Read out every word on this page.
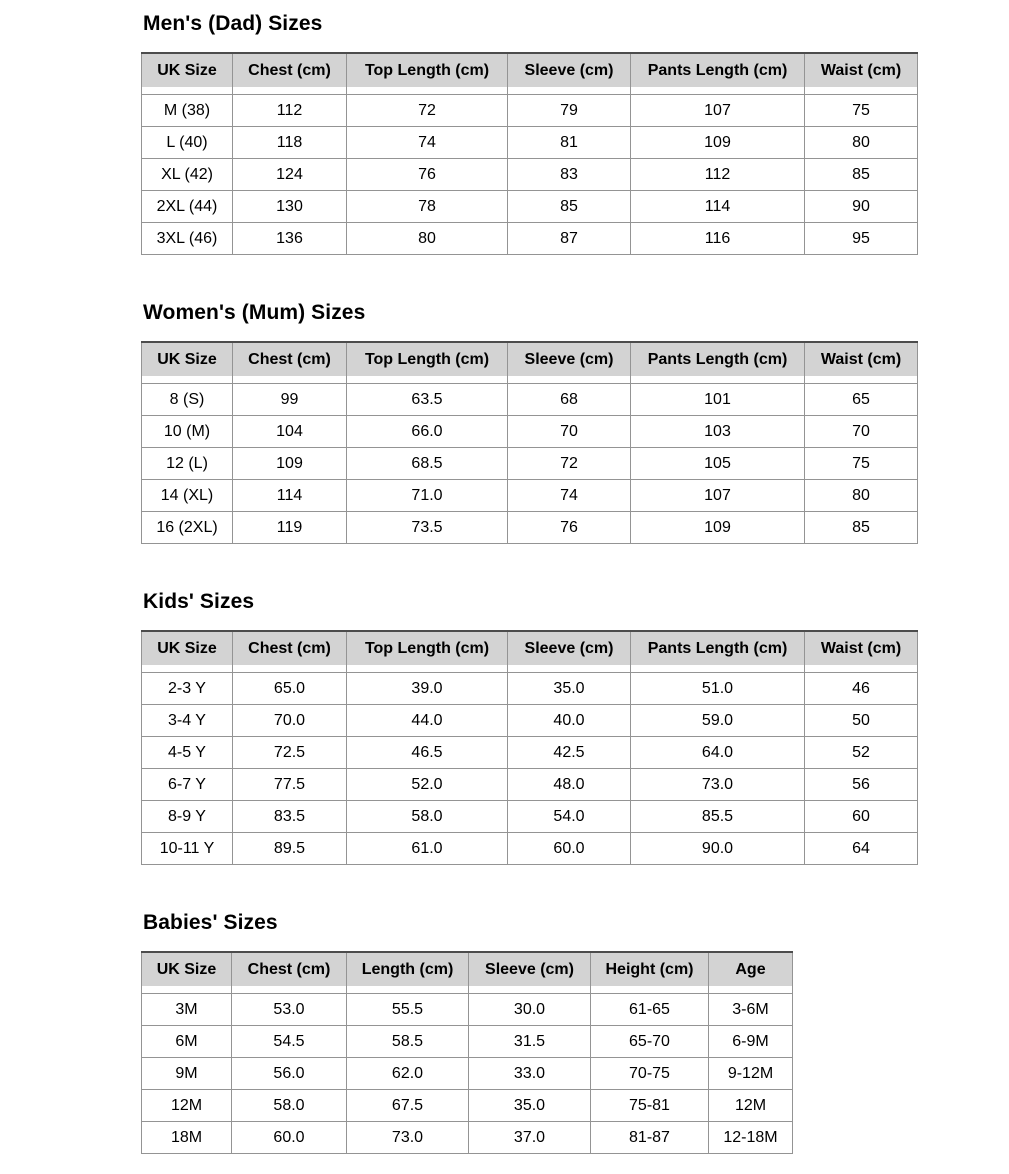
Men's (Dad) Sizes
UK Size	Chest (cm)	Top Length (cm)	Sleeve (cm)	Pants Length (cm)	Waist (cm)
M (38)	112	72	79	107	75
L (40)	118	74	81	109	80
XL (42)	124	76	83	112	85
2XL (44)	130	78	85	114	90
3XL (46)	136	80	87	116	95
Women's (Mum) Sizes
UK Size	Chest (cm)	Top Length (cm)	Sleeve (cm)	Pants Length (cm)	Waist (cm)
8 (S)	99	63.5	68	101	65
10 (M)	104	66.0	70	103	70
12 (L)	109	68.5	72	105	75
14 (XL)	114	71.0	74	107	80
16 (2XL)	119	73.5	76	109	85
Kids' Sizes
UK Size	Chest (cm)	Top Length (cm)	Sleeve (cm)	Pants Length (cm)	Waist (cm)
2-3 Y	65.0	39.0	35.0	51.0	46
3-4 Y	70.0	44.0	40.0	59.0	50
4-5 Y	72.5	46.5	42.5	64.0	52
6-7 Y	77.5	52.0	48.0	73.0	56
8-9 Y	83.5	58.0	54.0	85.5	60
10-11 Y	89.5	61.0	60.0	90.0	64
Babies' Sizes
UK Size	Chest (cm)	Length (cm)	Sleeve (cm)	Height (cm)	Age
3M	53.0	55.5	30.0	61-65	3-6M
6M	54.5	58.5	31.5	65-70	6-9M
9M	56.0	62.0	33.0	70-75	9-12M
12M	58.0	67.5	35.0	75-81	12M
18M	60.0	73.0	37.0	81-87	12-18M
